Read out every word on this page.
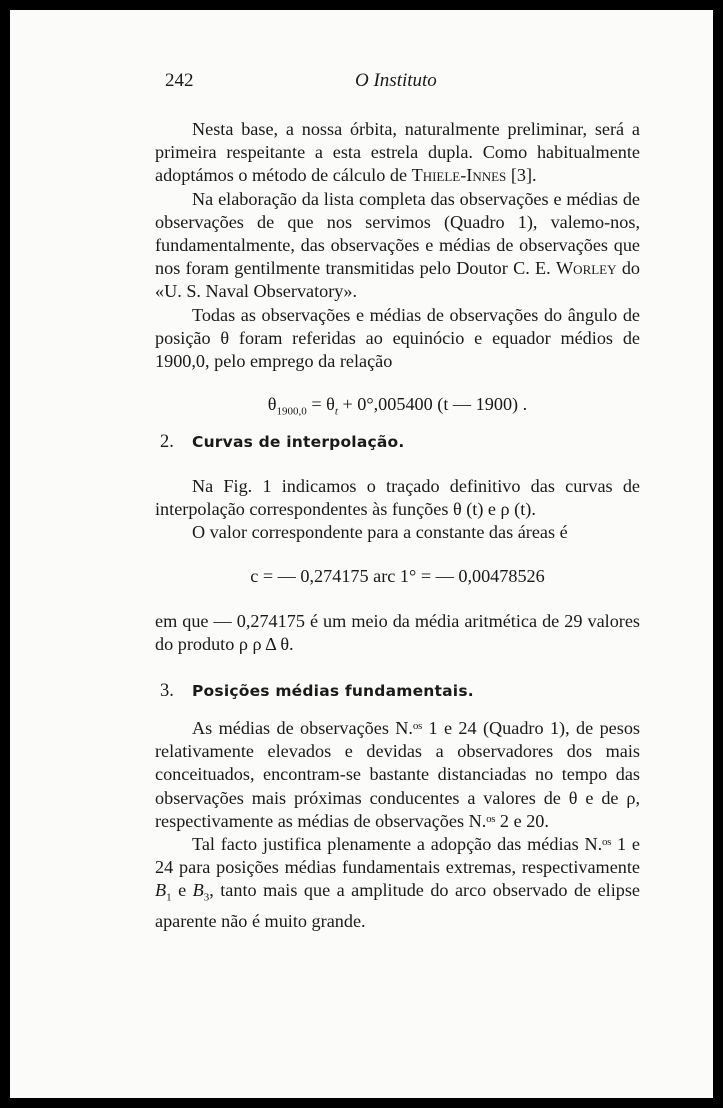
242	O Instituto

Nesta base, a nossa órbita, naturalmente preliminar, será a primeira respeitante a esta estrela dupla. Como habitualmente adoptámos o método de cálculo de Thiele-Innes [3].

Na elaboração da lista completa das observações e médias de observações de que nos servimos (Quadro 1), valemo-nos, fundamentalmente, das observações e médias de observações que nos foram gentilmente transmitidas pelo Doutor C. E. Worley do «U. S. Naval Observatory».

Todas as observações e médias de observações do ângulo de posição θ foram referidas ao equinócio e equador médios de 1900,0, pelo emprego da relação

$\theta_{1900,0} = \theta_t + 0^\circ,005400$ (t — 1900) .
2. Curvas de interpolação.

Na Fig. 1 indicamos o traçado definitivo das curvas de interpolação correspondentes às funções θ (t) e ρ (t).

O valor correspondente para a constante das áreas é

c = — 0,274175 arc 1° = — 0,00478526

em que — 0,274175 é um meio da média aritmética de 29 valores do produto ρ ρ Δ θ.

3. Posições médias fundamentais.

As médias de observações N.ᵒˢ 1 e 24 (Quadro 1), de pesos relativamente elevados e devidas a observadores dos mais conceituados, encontram-se bastante distanciadas no tempo das observações mais próximas conducentes a valores de θ e de ρ, respectivamente as médias de observações N.ᵒˢ 2 e 20.

Tal facto justifica plenamente a adopção das médias N.ᵒˢ 1 e 24 para posições médias fundamentais extremas, respectivamente $B_1$ e $B_3$, tanto mais que a amplitude do arco observado de elipse aparente não é muito grande.
